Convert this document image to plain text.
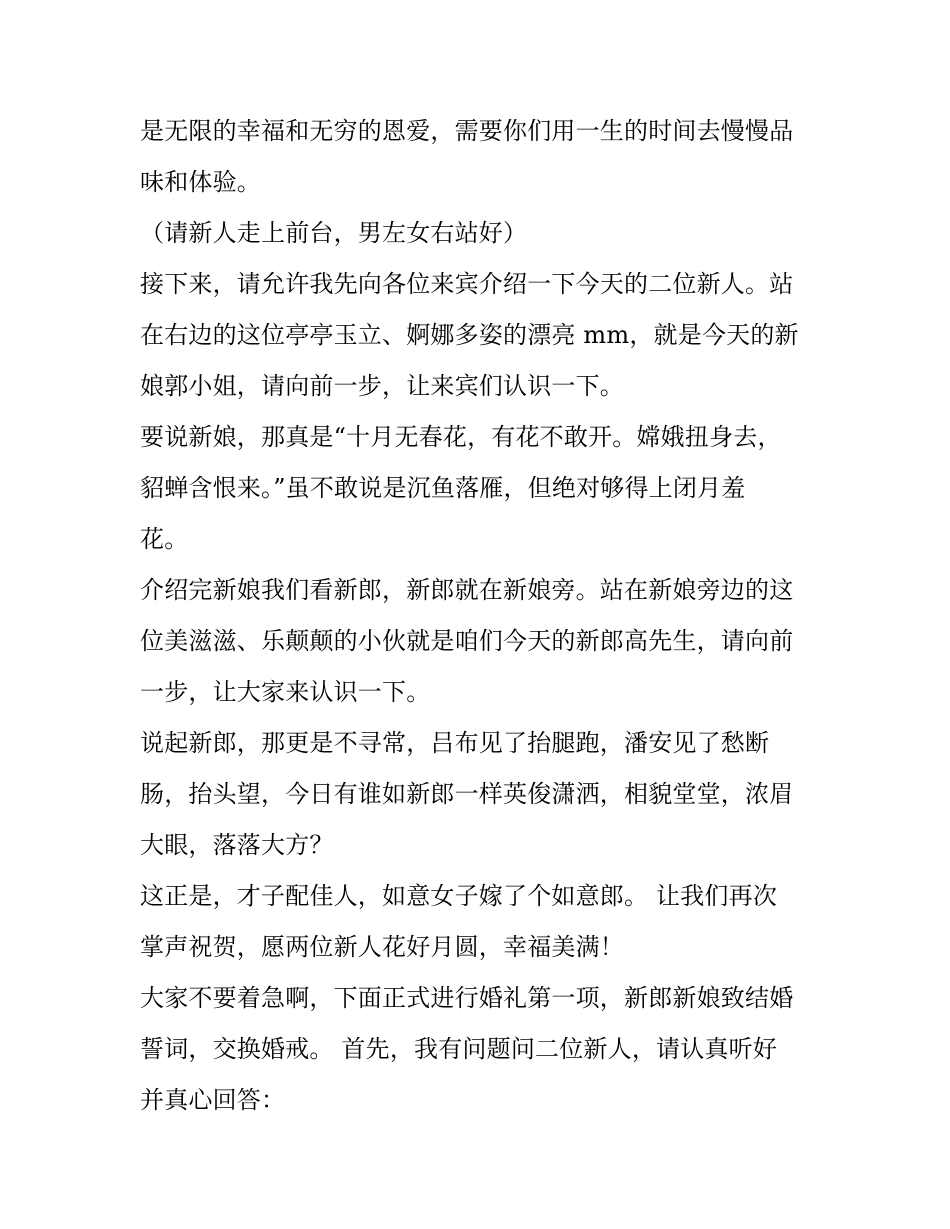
是无限的幸福和无穷的恩爱，需要你们用一生的时间去慢慢品
味和体验。
（请新人走上前台，男左女右站好）
接下来，请允许我先向各位来宾介绍一下今天的二位新人。站
在右边的这位亭亭玉立、婀娜多姿的漂亮 mm，就是今天的新
娘郭小姐，请向前一步，让来宾们认识一下。
要说新娘，那真是“十月无春花，有花不敢开。嫦娥扭身去，
貂蝉含恨来。”虽不敢说是沉鱼落雁，但绝对够得上闭月羞
花。
介绍完新娘我们看新郎，新郎就在新娘旁。站在新娘旁边的这
位美滋滋、乐颠颠的小伙就是咱们今天的新郎高先生，请向前
一步，让大家来认识一下。
说起新郎，那更是不寻常，吕布见了抬腿跑，潘安见了愁断
肠，抬头望，今日有谁如新郎一样英俊潇洒，相貌堂堂，浓眉
大眼，落落大方？
这正是，才子配佳人，如意女子嫁了个如意郎。 让我们再次
掌声祝贺，愿两位新人花好月圆，幸福美满！
大家不要着急啊，下面正式进行婚礼第一项，新郎新娘致结婚
誓词，交换婚戒。 首先，我有问题问二位新人，请认真听好
并真心回答：
